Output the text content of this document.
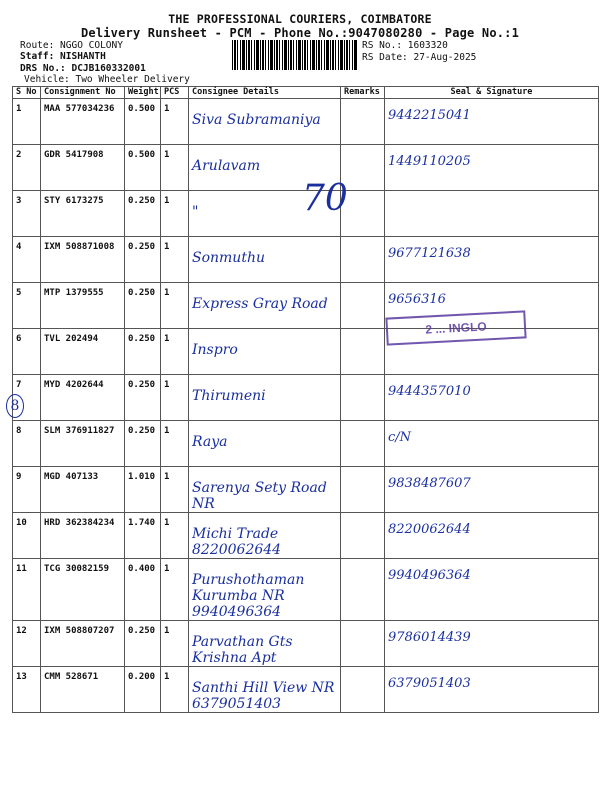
THE PROFESSIONAL COURIERS, COIMBATORE
Delivery Runsheet - PCM - Phone No.:9047080280 - Page No.:1
Route: NGGO COLONY
Staff: NISHANTH
DRS No.: DCJB160332001
Vehicle: Two Wheeler Delivery
RS No.: 1603320
RS Date: 27-Aug-2025
S No	Consignment No	Weight	PCS	Consignee Details	Remarks	Seal & Signature
1	MAA 577034236	0.500	1	Siva Subramaniya		9442215041

2	GDR 5417908	0.500	1	Arulavam		1449110205

3	STY 6173275	0.250	1	"		

4	IXM 508871008	0.250	1	Sonmuthu		9677121638

5	MTP 1379555	0.250	1	Express Gray Road		9656316

6	TVL 202494	0.250	1	Inspro		

7	MYD 4202644	0.250	1	Thirumeni		9444357010

8	SLM 376911827	0.250	1	Raya		c/N

9	MGD 407133	1.010	1	Sarenya Sety Road NR		9838487607

10	HRD 362384234	1.740	1	Michi Trade 8220062644		8220062644

11	TCG 30082159	0.400	1	Purushothaman Kurumba NR 9940496364		9940496364

12	IXM 508807207	0.250	1	Parvathan Gts Krishna Apt		9786014439

13	CMM 528671	0.200	1	Santhi Hill View NR 6379051403		6379051403
8
2 ... INGLO
70
